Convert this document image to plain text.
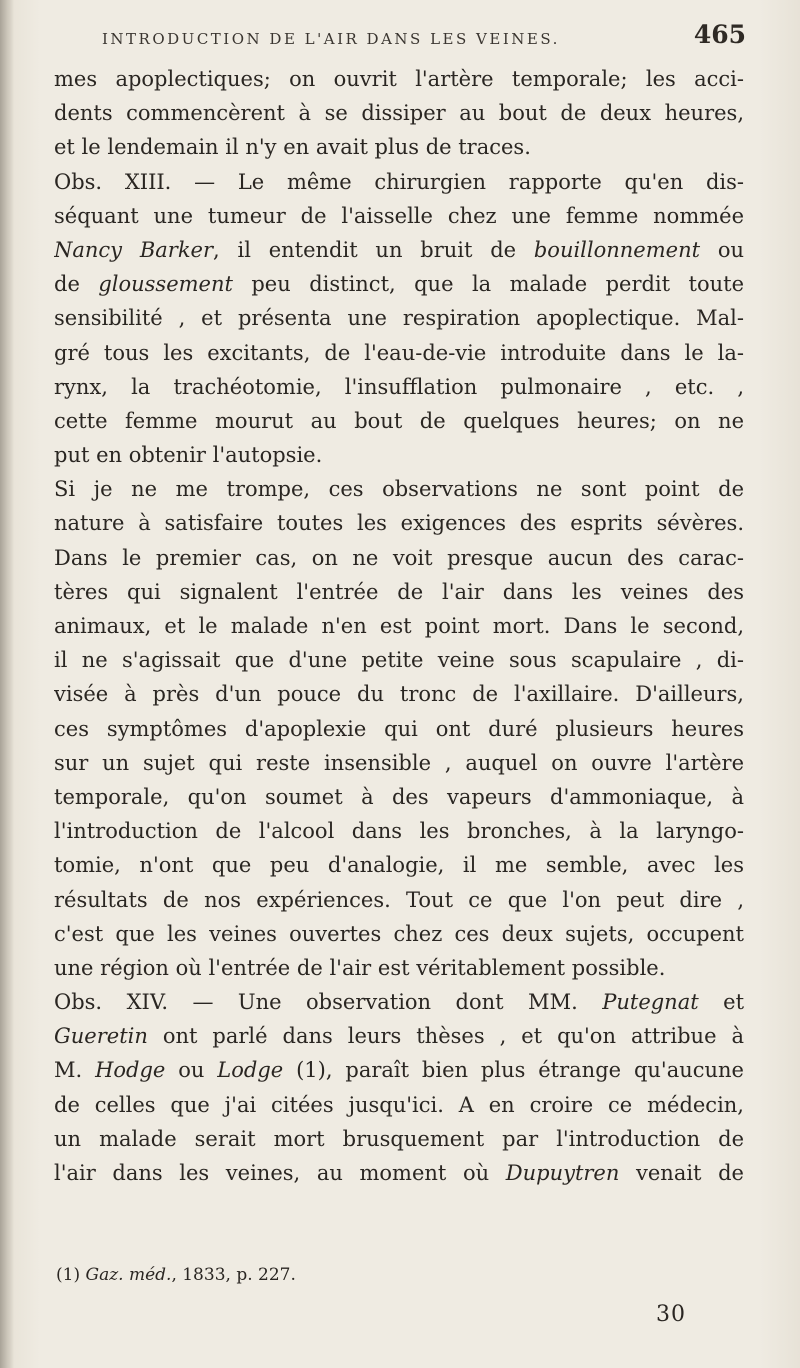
INTRODUCTION DE L'AIR DANS LES VEINES.	465
mes apoplectiques; on ouvrit l'artère temporale; les acci-
dents commencèrent à se dissiper au bout de deux heures,
et le lendemain il n'y en avait plus de traces.
Obs. XIII. — Le même chirurgien rapporte qu'en dis-
séquant une tumeur de l'aisselle chez une femme nommée
Nancy Barker, il entendit un bruit de bouillonnement ou
de gloussement peu distinct, que la malade perdit toute
sensibilité , et présenta une respiration apoplectique. Mal-
gré tous les excitants, de l'eau-de-vie introduite dans le la-
rynx, la trachéotomie, l'insufflation pulmonaire , etc. ,
cette femme mourut au bout de quelques heures; on ne
put en obtenir l'autopsie.
Si je ne me trompe, ces observations ne sont point de
nature à satisfaire toutes les exigences des esprits sévères.
Dans le premier cas, on ne voit presque aucun des carac-
tères qui signalent l'entrée de l'air dans les veines des
animaux, et le malade n'en est point mort. Dans le second,
il ne s'agissait que d'une petite veine sous scapulaire , di-
visée à près d'un pouce du tronc de l'axillaire. D'ailleurs,
ces symptômes d'apoplexie qui ont duré plusieurs heures
sur un sujet qui reste insensible , auquel on ouvre l'artère
temporale, qu'on soumet à des vapeurs d'ammoniaque, à
l'introduction de l'alcool dans les bronches, à la laryngo-
tomie, n'ont que peu d'analogie, il me semble, avec les
résultats de nos expériences. Tout ce que l'on peut dire ,
c'est que les veines ouvertes chez ces deux sujets, occupent
une région où l'entrée de l'air est véritablement possible.
Obs. XIV. — Une observation dont MM. Putegnat et
Gueretin ont parlé dans leurs thèses , et qu'on attribue à
M. Hodge ou Lodge (1), paraît bien plus étrange qu'aucune
de celles que j'ai citées jusqu'ici. A en croire ce médecin,
un malade serait mort brusquement par l'introduction de
l'air dans les veines, au moment où Dupuytren venait de
(1) Gaz. méd., 1833, p. 227.
30
